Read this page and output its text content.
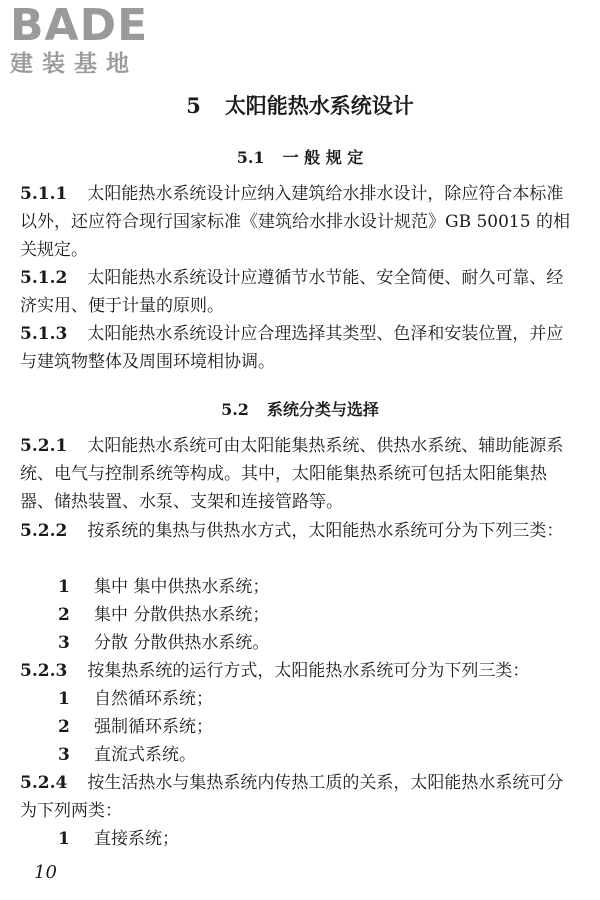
BADE
建装基地
5 太阳能热水系统设计
5.1 一 般 规 定
5.1.1 太阳能热水系统设计应纳入建筑给水排水设计，除应符合本标准以外，还应符合现行国家标准《建筑给水排水设计规范》GB 50015 的相关规定。
5.1.2 太阳能热水系统设计应遵循节水节能、安全简便、耐久可靠、经济实用、便于计量的原则。
5.1.3 太阳能热水系统设计应合理选择其类型、色泽和安装位置，并应与建筑物整体及周围环境相协调。
5.2 系统分类与选择
5.2.1 太阳能热水系统可由太阳能集热系统、供热水系统、辅助能源系统、电气与控制系统等构成。其中，太阳能集热系统可包括太阳能集热器、储热装置、水泵、支架和连接管路等。
5.2.2 按系统的集热与供热水方式，太阳能热水系统可分为下列三类：
1 集中 集中供热水系统；
2 集中 分散供热水系统；
3 分散 分散供热水系统。
5.2.3 按集热系统的运行方式，太阳能热水系统可分为下列三类：
1 自然循环系统；
2 强制循环系统；
3 直流式系统。
5.2.4 按生活热水与集热系统内传热工质的关系，太阳能热水系统可分为下列两类：
1 直接系统；
10
